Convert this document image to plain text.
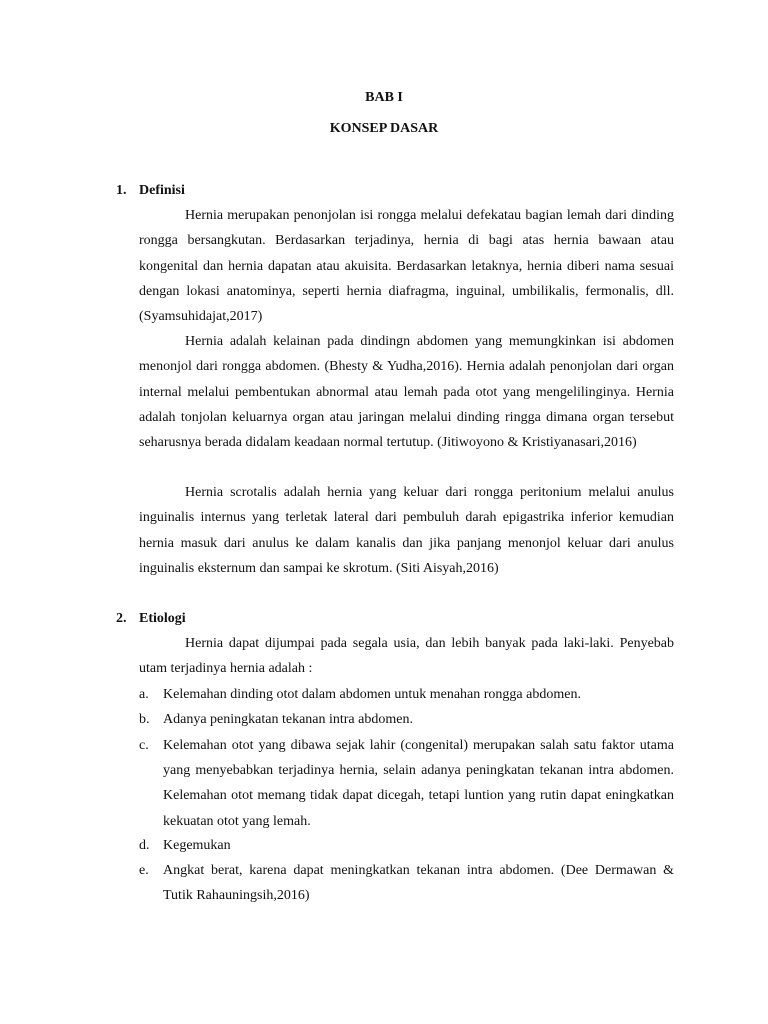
BAB I

KONSEP DASAR

1. Definisi

Hernia merupakan penonjolan isi rongga melalui defekatau bagian lemah dari dinding rongga bersangkutan. Berdasarkan terjadinya, hernia di bagi atas hernia bawaan atau kongenital dan hernia dapatan atau akuisita. Berdasarkan letaknya, hernia diberi nama sesuai dengan lokasi anatominya, seperti hernia diafragma, inguinal, umbilikalis, fermonalis, dll. (Syamsuhidajat,2017)

Hernia adalah kelainan pada dindingn abdomen yang memungkinkan isi abdomen menonjol dari rongga abdomen. (Bhesty & Yudha,2016). Hernia adalah penonjolan dari organ internal melalui pembentukan abnormal atau lemah pada otot yang mengelilinginya. Hernia adalah tonjolan keluarnya organ atau jaringan melalui dinding ringga dimana organ tersebut seharusnya berada didalam keadaan normal tertutup. (Jitiwoyono & Kristiyanasari,2016)

Hernia scrotalis adalah hernia yang keluar dari rongga peritonium melalui anulus inguinalis internus yang terletak lateral dari pembuluh darah epigastrika inferior kemudian hernia masuk dari anulus ke dalam kanalis dan jika panjang menonjol keluar dari anulus inguinalis eksternum dan sampai ke skrotum. (Siti Aisyah,2016)

2. Etiologi

Hernia dapat dijumpai pada segala usia, dan lebih banyak pada laki-laki. Penyebab utam terjadinya hernia adalah :

a. Kelemahan dinding otot dalam abdomen untuk menahan rongga abdomen.
b. Adanya peningkatan tekanan intra abdomen.
c. Kelemahan otot yang dibawa sejak lahir (congenital) merupakan salah satu faktor utama yang menyebabkan terjadinya hernia, selain adanya peningkatan tekanan intra abdomen. Kelemahan otot memang tidak dapat dicegah, tetapi luntion yang rutin dapat eningkatkan kekuatan otot yang lemah.
d. Kegemukan
e. Angkat berat, karena dapat meningkatkan tekanan intra abdomen. (Dee Dermawan & Tutik Rahauningsih,2016)
